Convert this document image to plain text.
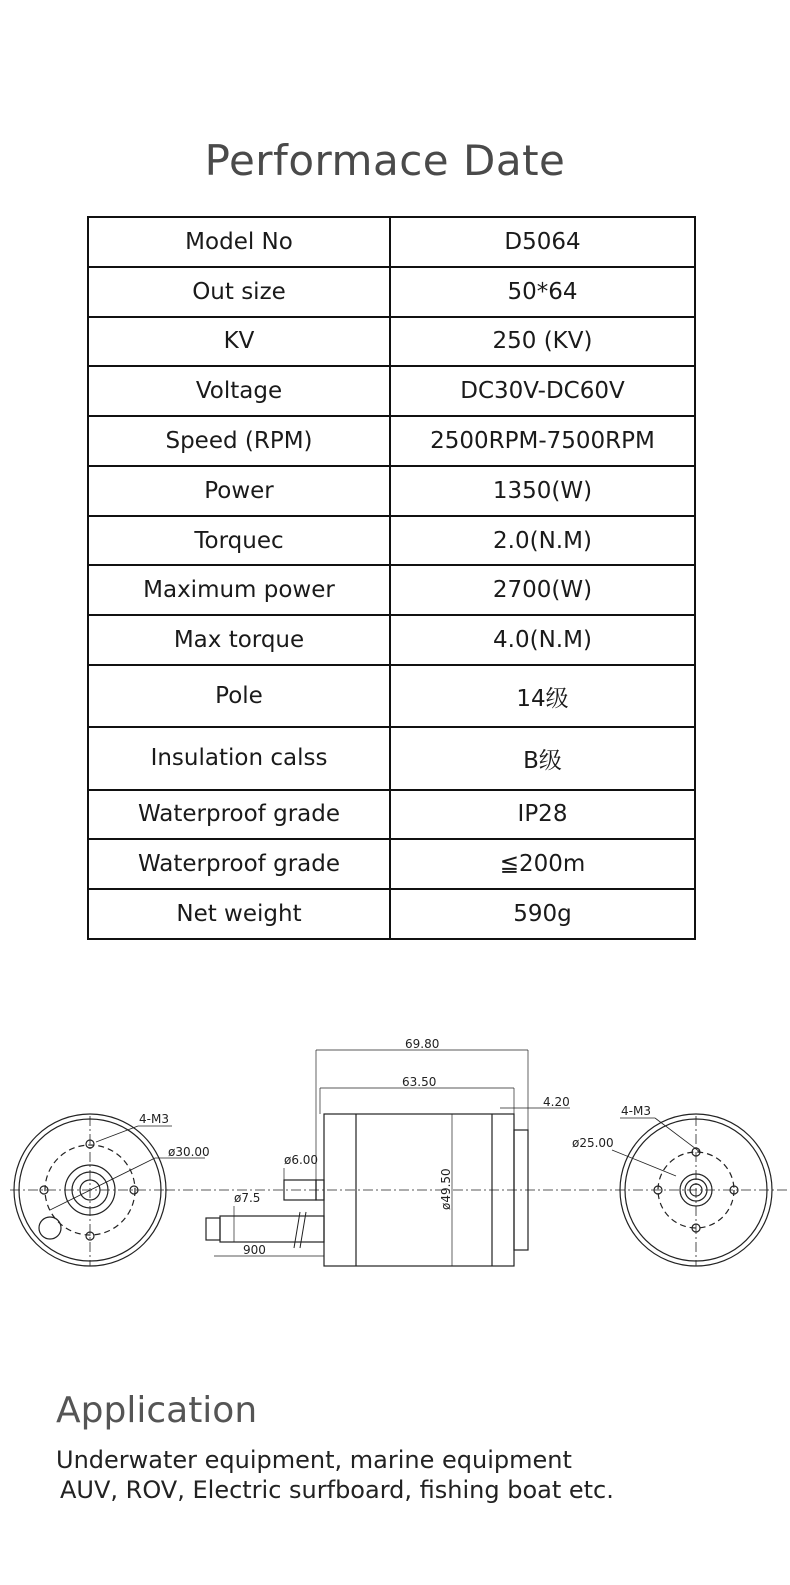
Performace Date
Model No	D5064
Out size	50*64
KV	250 (KV)
Voltage	DC30V-DC60V
Speed (RPM)	2500RPM-7500RPM
Power	1350(W)
Torquec	2.0(N.M)
Maximum power	2700(W)
Max torque	4.0(N.M)
Pole	14级
Insulation calss	B级
Waterproof grade	IP28
Waterproof grade	≦200m
Net weight	590g
69.80
63.50
4.20
ø6.00
ø49.50
ø7.5
900
4-M3
ø30.00
4-M3
ø25.00
Application
Underwater equipment, marine equipment
AUV, ROV, Electric surfboard, fishing boat etc.
